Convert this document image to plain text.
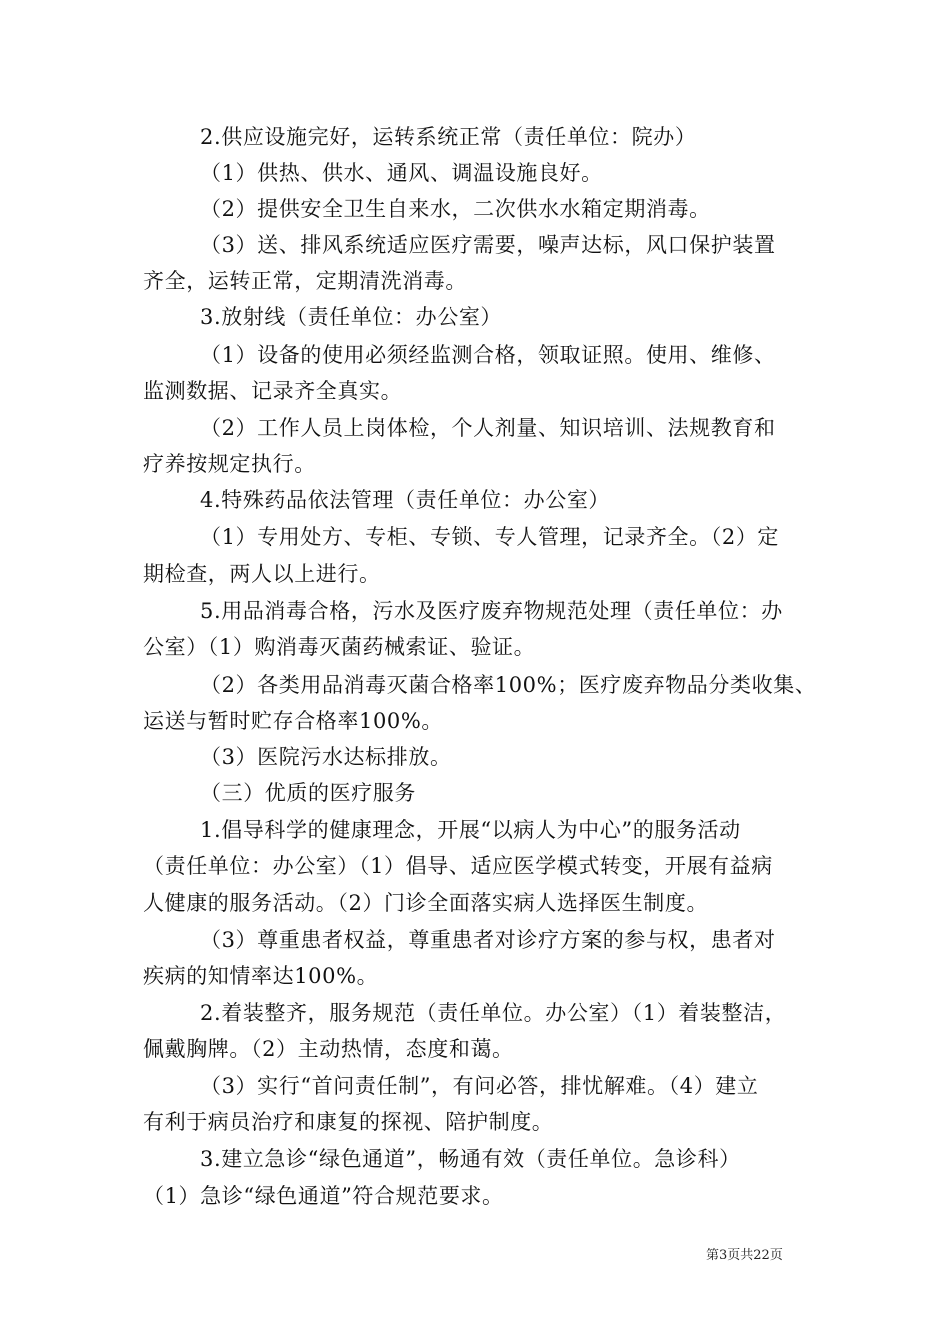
2.供应设施完好，运转系统正常（责任单位：院办）
（1）供热、供水、通风、调温设施良好。
（2）提供安全卫生自来水，二次供水水箱定期消毒。
（3）送、排风系统适应医疗需要，噪声达标，风口保护装置
齐全，运转正常，定期清洗消毒。
3.放射线（责任单位：办公室）
（1）设备的使用必须经监测合格，领取证照。使用、维修、
监测数据、记录齐全真实。
（2）工作人员上岗体检，个人剂量、知识培训、法规教育和
疗养按规定执行。
4.特殊药品依法管理（责任单位：办公室）
（1）专用处方、专柜、专锁、专人管理，记录齐全。（2）定
期检查，两人以上进行。
5.用品消毒合格，污水及医疗废弃物规范处理（责任单位：办
公室）（1）购消毒灭菌药械索证、验证。
（2）各类用品消毒灭菌合格率100%；医疗废弃物品分类收集、
运送与暂时贮存合格率100%。
（3）医院污水达标排放。
（三）优质的医疗服务
1.倡导科学的健康理念，开展“以病人为中心”的服务活动
（责任单位：办公室）（1）倡导、适应医学模式转变，开展有益病
人健康的服务活动。（2）门诊全面落实病人选择医生制度。
（3）尊重患者权益，尊重患者对诊疗方案的参与权，患者对
疾病的知情率达100%。
2.着装整齐，服务规范（责任单位。办公室）（1）着装整洁，
佩戴胸牌。（2）主动热情，态度和蔼。
（3）实行“首问责任制”，有问必答，排忧解难。（4）建立
有利于病员治疗和康复的探视、陪护制度。
3.建立急诊“绿色通道”，畅通有效（责任单位。急诊科）
（1）急诊“绿色通道”符合规范要求。
第3页共22页
